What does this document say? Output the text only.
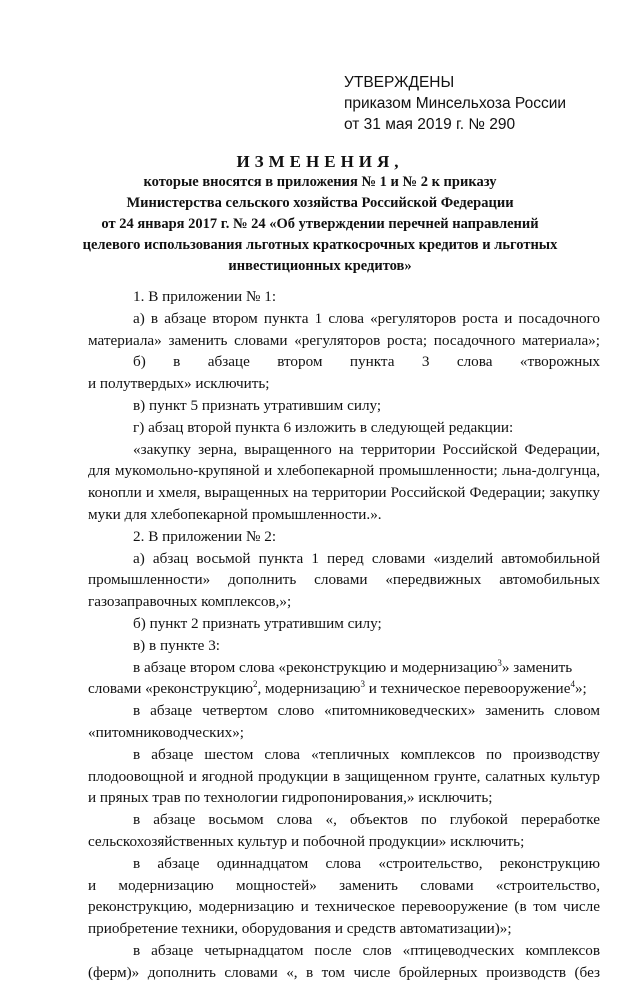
УТВЕРЖДЕНЫ
приказом Минсельхоза России
от 31 мая 2019 г. № 290
ИЗМЕНЕНИЯ,
которые вносятся в приложения № 1 и № 2 к приказу
Министерства сельского хозяйства Российской Федерации
от 24 января 2017 г. № 24 «Об утверждении перечней направлений
целевого использования льготных краткосрочных кредитов и льготных
инвестиционных кредитов»
1. В приложении № 1:
а) в абзаце втором пункта 1 слова «регуляторов роста и посадочного
материала» заменить словами «регуляторов роста; посадочного материала»;
б) в абзаце втором пункта 3 слова «творожных
и полутвердых» исключить;
в) пункт 5 признать утратившим силу;
г) абзац второй пункта 6 изложить в следующей редакции:
«закупку зерна, выращенного на территории Российской Федерации,
для мукомольно-крупяной и хлебопекарной промышленности; льна-долгунца,
конопли и хмеля, выращенных на территории Российской Федерации; закупку
муки для хлебопекарной промышленности.».
2. В приложении № 2:
а) абзац восьмой пункта 1 перед словами «изделий автомобильной
промышленности» дополнить словами «передвижных автомобильных
газозаправочных комплексов,»;
б) пункт 2 признать утратившим силу;
в) в пункте 3:
в абзаце втором слова «реконструкцию и модернизацию$^3$» заменить
словами «реконструкцию$^2$, модернизацию$^3$ и техническое перевооружение$^4$»;
в абзаце четвертом слово «питомниковедческих» заменить словом
«питомниководческих»;
в абзаце шестом слова «тепличных комплексов по производству
плодоовощной и ягодной продукции в защищенном грунте, салатных культур
и пряных трав по технологии гидропонирования,» исключить;
в абзаце восьмом слова «, объектов по глубокой переработке
сельскохозяйственных культур и побочной продукции» исключить;
в абзаце одиннадцатом слова «строительство, реконструкцию
и модернизацию мощностей» заменить словами «строительство,
реконструкцию, модернизацию и техническое перевооружение (в том числе
приобретение техники, оборудования и средств автоматизации)»;
в абзаце четырнадцатом после слов «птицеводческих комплексов
(ферм)» дополнить словами «, в том числе бройлерных производств (без
